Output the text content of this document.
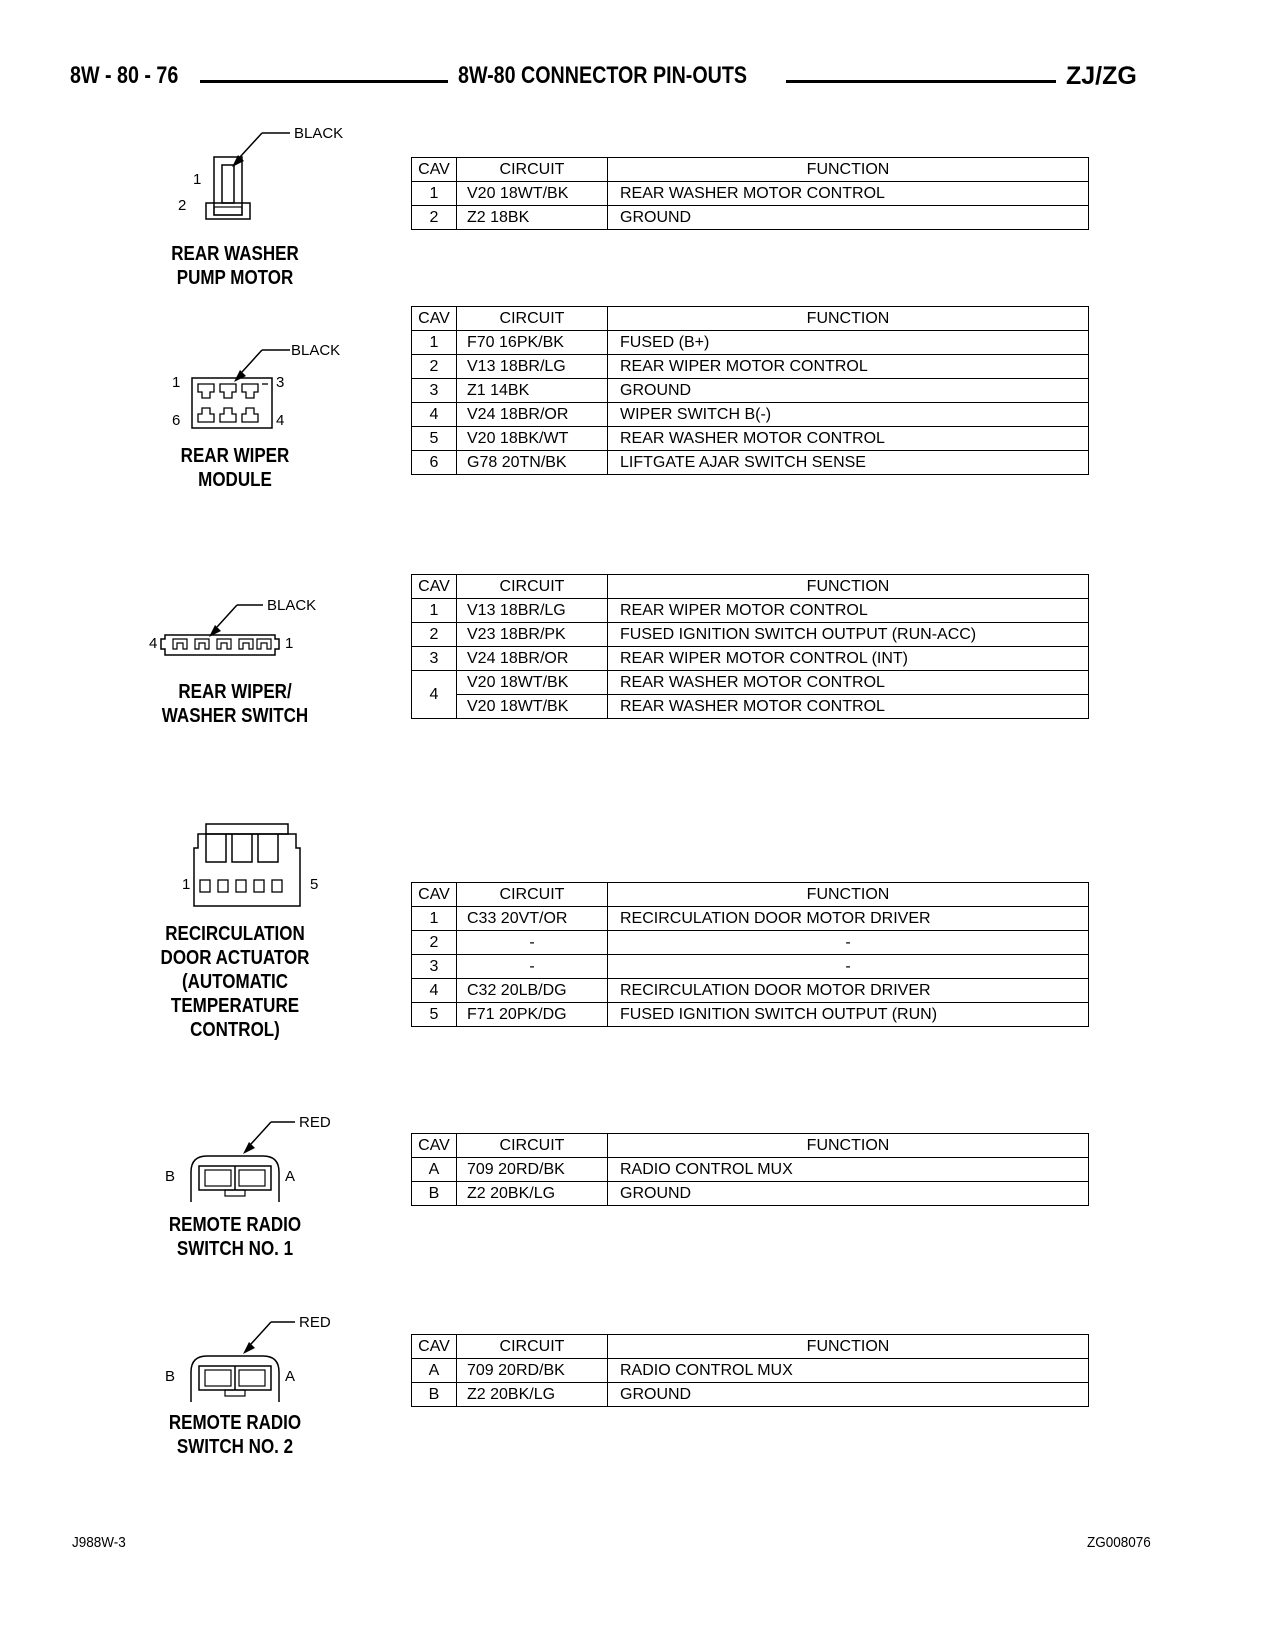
8W - 80 - 76	8W-80 CONNECTOR PIN-OUTS	ZJ/ZG
BLACK
1
2
REAR WASHER
PUMP MOTOR
CAV	CIRCUIT	FUNCTION
1	V20 18WT/BK	REAR WASHER MOTOR CONTROL
2	Z2 18BK	GROUND
BLACK
1	3
6	4
REAR WIPER
MODULE
CAV	CIRCUIT	FUNCTION
1	F70 16PK/BK	FUSED (B+)
2	V13 18BR/LG	REAR WIPER MOTOR CONTROL
3	Z1 14BK	GROUND
4	V24 18BR/OR	WIPER SWITCH B(-)
5	V20 18BK/WT	REAR WASHER MOTOR CONTROL
6	G78 20TN/BK	LIFTGATE AJAR SWITCH SENSE
BLACK
4	1
REAR WIPER/
WASHER SWITCH
CAV	CIRCUIT	FUNCTION
1	V13 18BR/LG	REAR WIPER MOTOR CONTROL
2	V23 18BR/PK	FUSED IGNITION SWITCH OUTPUT (RUN-ACC)
3	V24 18BR/OR	REAR WIPER MOTOR CONTROL (INT)
4	V20 18WT/BK	REAR WASHER MOTOR CONTROL
	V20 18WT/BK	REAR WASHER MOTOR CONTROL
1	5
RECIRCULATION
DOOR ACTUATOR
(AUTOMATIC
TEMPERATURE
CONTROL)
CAV	CIRCUIT	FUNCTION
1	C33 20VT/OR	RECIRCULATION DOOR MOTOR DRIVER
2	-	-
3	-	-
4	C32 20LB/DG	RECIRCULATION DOOR MOTOR DRIVER
5	F71 20PK/DG	FUSED IGNITION SWITCH OUTPUT (RUN)
RED
B	A
REMOTE RADIO
SWITCH NO. 1
CAV	CIRCUIT	FUNCTION
A	709 20RD/BK	RADIO CONTROL MUX
B	Z2 20BK/LG	GROUND
RED
B	A
REMOTE RADIO
SWITCH NO. 2
CAV	CIRCUIT	FUNCTION
A	709 20RD/BK	RADIO CONTROL MUX
B	Z2 20BK/LG	GROUND
J988W-3	ZG008076
